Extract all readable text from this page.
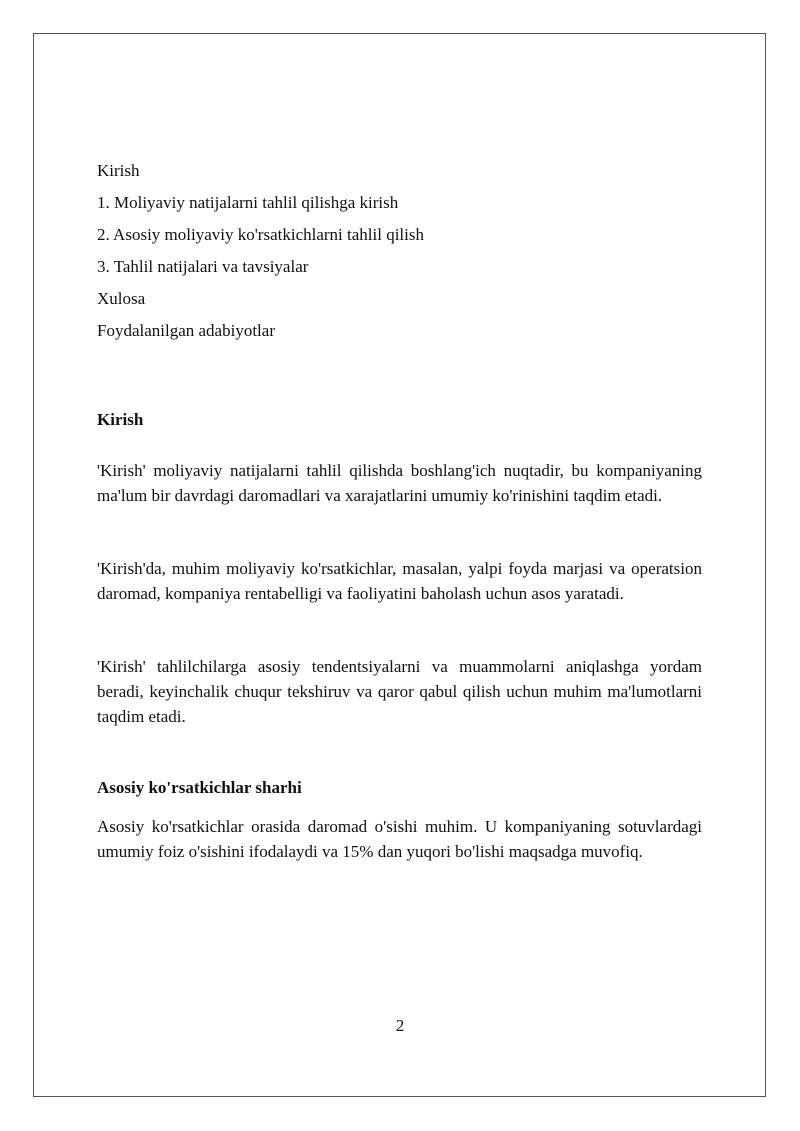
Kirish
1. Moliyaviy natijalarni tahlil qilishga kirish
2. Asosiy moliyaviy ko'rsatkichlarni tahlil qilish
3. Tahlil natijalari va tavsiyalar
Xulosa
Foydalanilgan adabiyotlar
Kirish

'Kirish' moliyaviy natijalarni tahlil qilishda boshlang'ich nuqtadir, bu kompaniyaning ma'lum bir davrdagi daromadlari va xarajatlarini umumiy ko'rinishini taqdim etadi.

'Kirish'da, muhim moliyaviy ko'rsatkichlar, masalan, yalpi foyda marjasi va operatsion daromad, kompaniya rentabelligi va faoliyatini baholash uchun asos yaratadi.

'Kirish' tahlilchilarga asosiy tendentsiyalarni va muammolarni aniqlashga yordam beradi, keyinchalik chuqur tekshiruv va qaror qabul qilish uchun muhim ma'lumotlarni taqdim etadi.

Asosiy ko'rsatkichlar sharhi

Asosiy ko'rsatkichlar orasida daromad o'sishi muhim. U kompaniyaning sotuvlardagi umumiy foiz o'sishini ifodalaydi va 15% dan yuqori bo'lishi maqsadga muvofiq.

2
